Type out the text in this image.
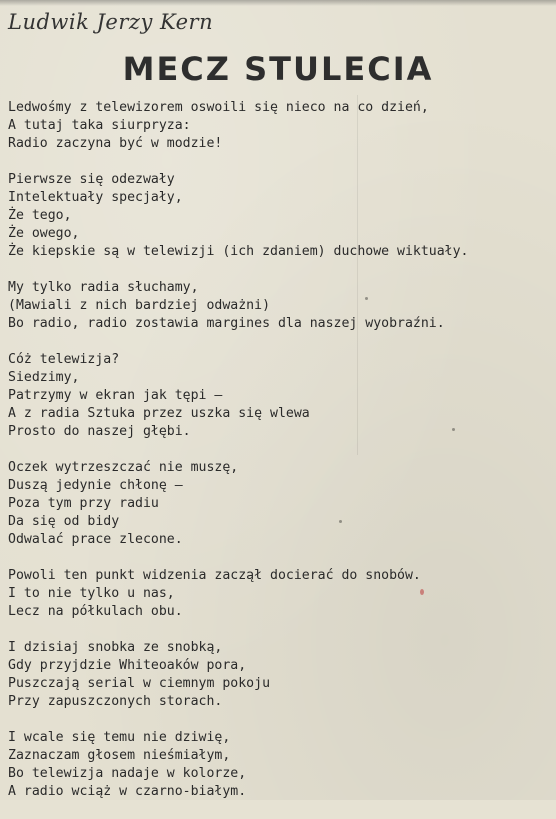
Ludwik Jerzy Kern
MECZ STULECIA
Ledwośmy z telewizorem oswoili się nieco na co dzień,
A tutaj taka siurpryza:
Radio zaczyna być w modzie!
Pierwsze się odezwały
Intelektuały specjały,
Że tego,
Że owego,
Że kiepskie są w telewizji (ich zdaniem) duchowe wiktuały.
My tylko radia słuchamy,
(Mawiali z nich bardziej odważni)
Bo radio, radio zostawia margines dla naszej wyobraźni.
Cóż telewizja?
Siedzimy,
Patrzymy w ekran jak tępi —
A z radia Sztuka przez uszka się wlewa
Prosto do naszej głębi.
Oczek wytrzeszczać nie muszę,
Duszą jedynie chłonę —
Poza tym przy radiu
Da się od bidy
Odwalać prace zlecone.
Powoli ten punkt widzenia zaczął docierać do snobów.
I to nie tylko u nas,
Lecz na półkulach obu.
I dzisiaj snobka ze snobką,
Gdy przyjdzie Whiteoaków pora,
Puszczają serial w ciemnym pokoju
Przy zapuszczonych storach.
I wcale się temu nie dziwię,
Zaznaczam głosem nieśmiałym,
Bo telewizja nadaje w kolorze,
A radio wciąż w czarno-białym.
